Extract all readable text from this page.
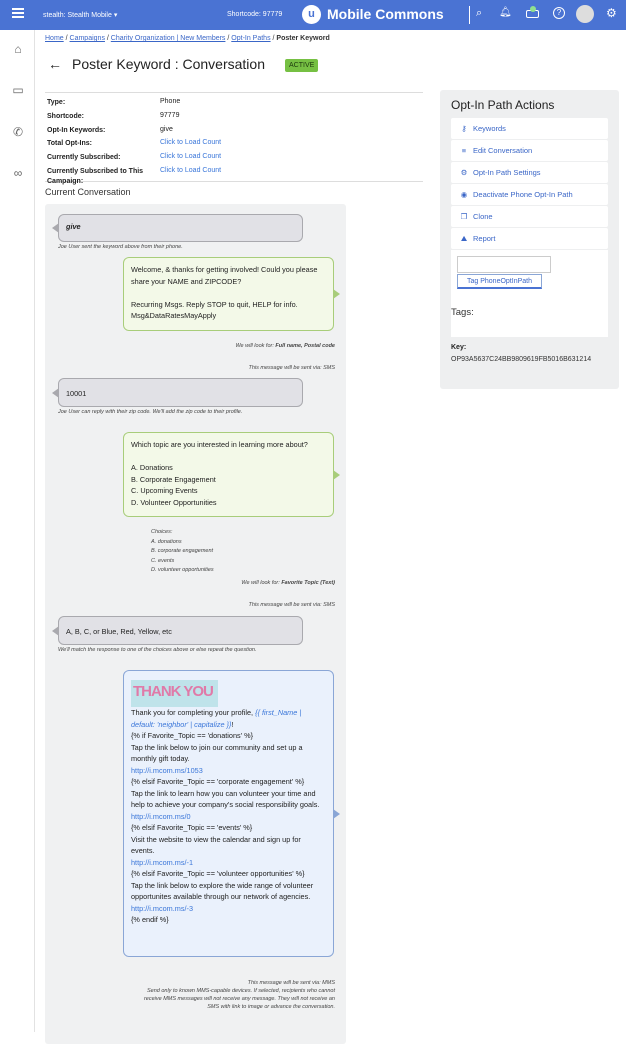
stealth: Stealth Mobile ▾	Shortcode: 97779	u Mobile Commons	⌕ 🔔︎	?	⚙
⌂
▭
✆
∞
Home / Campaigns / Charity Organization | New Members / Opt-In Paths / Poster Keyword
← Poster Keyword : Conversation	ACTIVE
Type:	Phone
Shortcode:	97779
Opt-In Keywords:	give
Total Opt-Ins:	Click to Load Count
Currently Subscribed:	Click to Load Count
Currently Subscribed to This Campaign:
Click to Load Count
Current Conversation
give
Joe User sent the keyword above from their phone.
Welcome, & thanks for getting involved! Could you please share your NAME and ZIPCODE?

Recurring Msgs. Reply STOP to quit, HELP for info. Msg&DataRatesMayApply
We will look for: Full name, Postal code
This message will be sent via: SMS
10001
Joe User can reply with their zip code. We'll add the zip code to their profile.
Which topic are you interested in learning more about?

A. Donations
B. Corporate Engagement
C. Upcoming Events
D. Volunteer Opportunities
Choices:
A. donations
B. corporate engagement
C. events
D. volunteer opportunities
We will look for: Favorite Topic (Text)
This message will be sent via: SMS
A, B, C, or Blue, Red, Yellow, etc
We'll match the response to one of the choices above or else repeat the question.
THANK YOU
Thank you for completing your profile, {{ first_Name | default: 'neighbor' | capitalize }}!
{% if Favorite_Topic == 'donations' %}
Tap the link below to join our community and set up a monthly gift today.
http://i.mcom.ms/1053
{% elsif Favorite_Topic == 'corporate engagement' %}
Tap the link to learn how you can volunteer your time and help to achieve your company's social responsibility goals.
http://i.mcom.ms/0
{% elsif Favorite_Topic == 'events' %}
Visit the website to view the calendar and sign up for events.
http://i.mcom.ms/-1
{% elsif Favorite_Topic == 'volunteer opportunities' %}
Tap the link below to explore the wide range of volunteer opportunites available through our network of agencies.
http://i.mcom.ms/-3
{% endif %}
This message will be sent via: MMS
Send only to known MMS-capable devices. If selected, recipients who cannot receive MMS messages will not receive any message. They will not receive an SMS with link to image or advance the conversation.
Opt-In Path Actions
⚷ Keywords
≡ Edit Conversation
⚙ Opt-In Path Settings
◉ Deactivate Phone Opt-In Path
❐ Clone
⛰ Report
Tag PhoneOptInPath
Tags:
Key:
OP93A5637C24BB9809619FB5016B631214
